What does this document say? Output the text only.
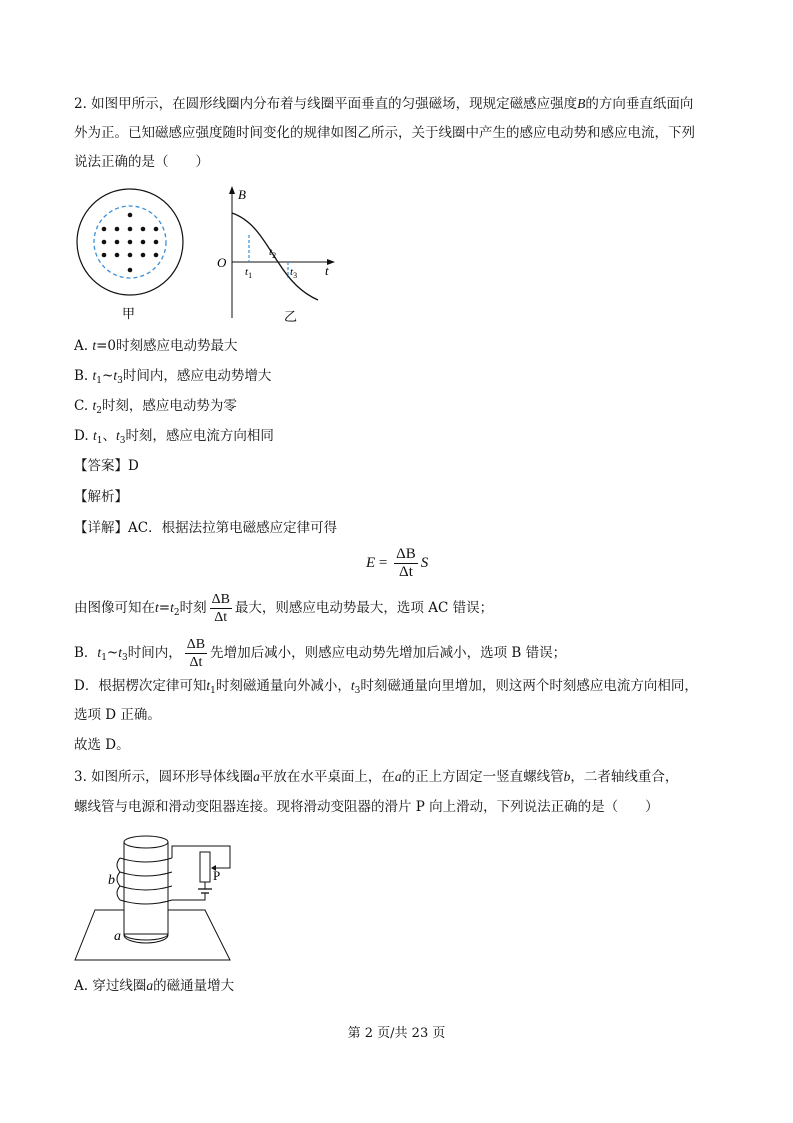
2. 如图甲所示，在圆形线圈内分布着与线圈平面垂直的匀强磁场，现规定磁感应强度B的方向垂直纸面向
外为正。已知磁感应强度随时间变化的规律如图乙所示，关于线圈中产生的感应电动势和感应电流，下列
说法正确的是（　　）
甲
B
t
O
$t_1$
$t_2$
$t_3$
乙
A. t=0时刻感应电动势最大
B. $t_1\sim t_3$时间内，感应电动势增大
C. $t_2$时刻，感应电动势为零
D. $t_1$、$t_3$时刻，感应电流方向相同
【答案】D
【解析】
【详解】AC．根据法拉第电磁感应定律可得
$E = \frac{\Delta B}{\Delta t}$ S
由图像可知在$t=t_2$时刻 $\frac{\Delta B}{\Delta t}$ 最大，则感应电动势最大，选项 AC 错误；
B．$t_1\sim t_3$时间内， $\frac{\Delta B}{\Delta t}$ 先增加后减小，则感应电动势先增加后减小，选项 B 错误；
D．根据楞次定律可知$t_1$时刻磁通量向外减小，$t_3$时刻磁通量向里增加，则这两个时刻感应电流方向相同，
选项 D 正确。
故选 D。
3. 如图所示，圆环形导体线圈a平放在水平桌面上，在a的正上方固定一竖直螺线管b，二者轴线重合，
螺线管与电源和滑动变阻器连接。现将滑动变阻器的滑片 P 向上滑动，下列说法正确的是（　　）
P
b
a
A. 穿过线圈a的磁通量增大
第 2 页/共 23 页
